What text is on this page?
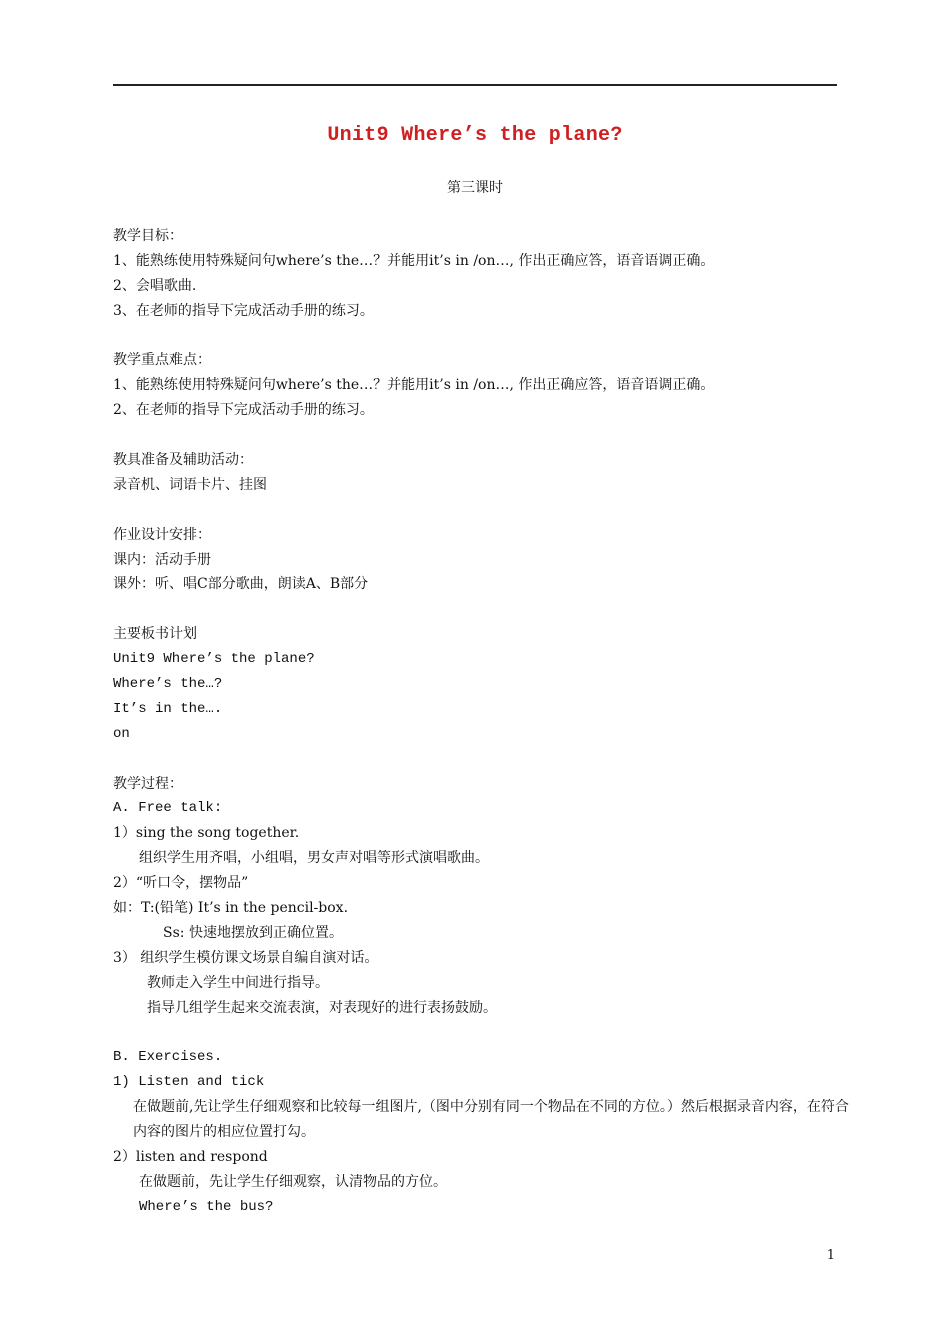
Unit9 Where’s the plane?
第三课时
教学目标：
1、能熟练使用特殊疑问句where’s the…？并能用it’s in /on…, 作出正确应答，语音语调正确。
2、会唱歌曲.
3、在老师的指导下完成活动手册的练习。
教学重点难点：
1、能熟练使用特殊疑问句where’s the…？并能用it’s in /on…, 作出正确应答，语音语调正确。
2、在老师的指导下完成活动手册的练习。
教具准备及辅助活动：
录音机、词语卡片、挂图
作业设计安排：
课内：活动手册
课外：听、唱C部分歌曲，朗读A、B部分
主要板书计划
Unit9 Where’s the plane?
Where’s the…?
It’s in the….
on
教学过程：
A. Free talk:
1）sing the song together.
组织学生用齐唱，小组唱，男女声对唱等形式演唱歌曲。
2）“听口令，摆物品”
如：T:(铅笔) It’s in the pencil-box.
Ss: 快速地摆放到正确位置。
3） 组织学生模仿课文场景自编自演对话。
教师走入学生中间进行指导。
指导几组学生起来交流表演，对表现好的进行表扬鼓励。
B. Exercises.
1) Listen and tick
在做题前,先让学生仔细观察和比较每一组图片,（图中分别有同一个物品在不同的方位。）然后根据录音内容，在符合内容的图片的相应位置打勾。
2）listen and respond
在做题前，先让学生仔细观察，认清物品的方位。
Where’s the bus?
1
